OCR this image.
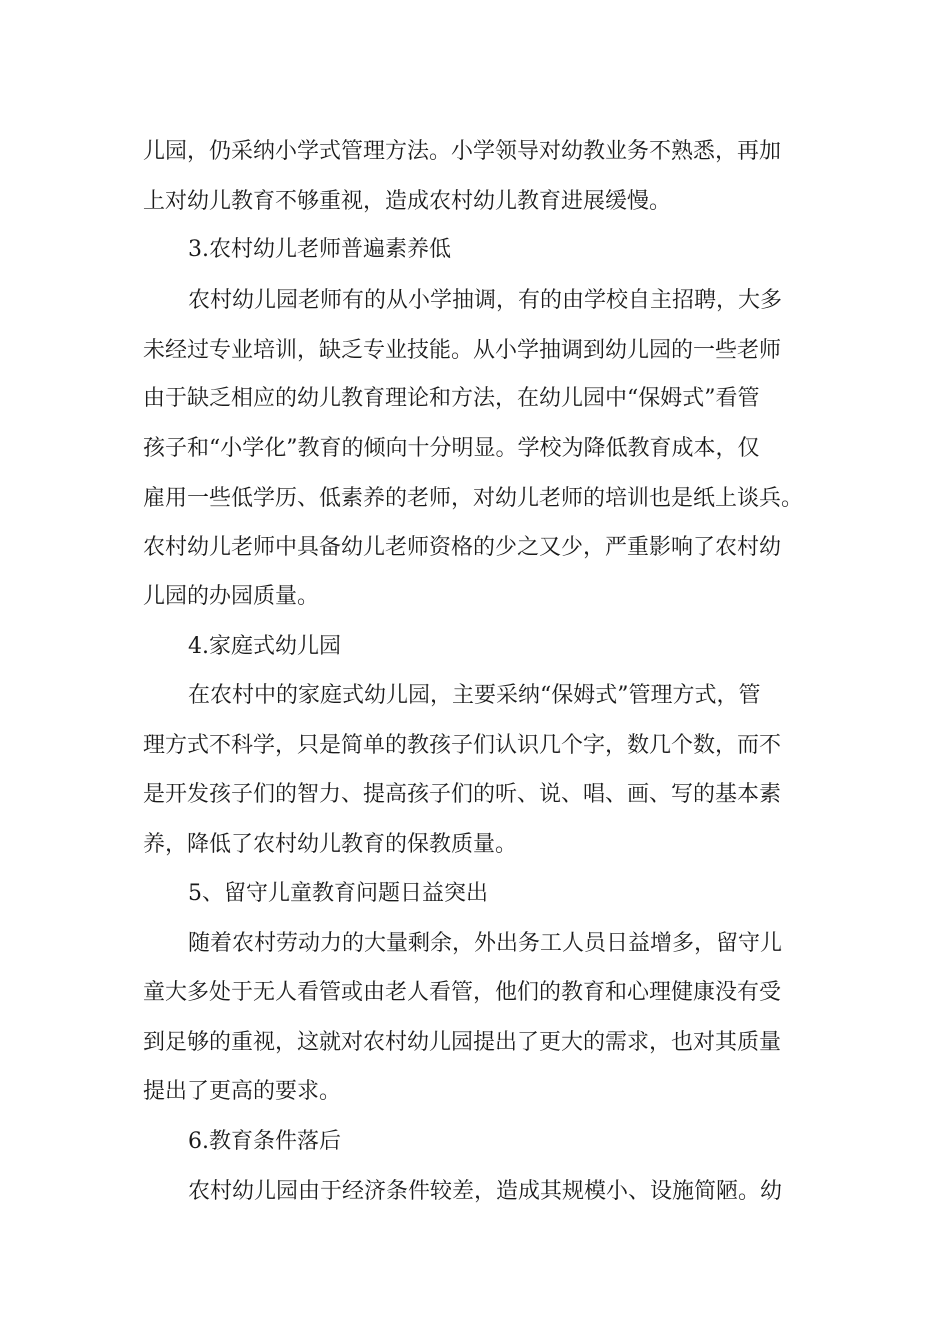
儿园，仍采纳小学式管理方法。小学领导对幼教业务不熟悉，再加
上对幼儿教育不够重视，造成农村幼儿教育进展缓慢。
3.农村幼儿老师普遍素养低
农村幼儿园老师有的从小学抽调，有的由学校自主招聘，大多
未经过专业培训，缺乏专业技能。从小学抽调到幼儿园的一些老师
由于缺乏相应的幼儿教育理论和方法，在幼儿园中“保姆式”看管
孩子和“小学化”教育的倾向十分明显。学校为降低教育成本，仅
雇用一些低学历、低素养的老师，对幼儿老师的培训也是纸上谈兵。
农村幼儿老师中具备幼儿老师资格的少之又少，严重影响了农村幼
儿园的办园质量。
4.家庭式幼儿园
在农村中的家庭式幼儿园，主要采纳“保姆式”管理方式，管
理方式不科学，只是简单的教孩子们认识几个字，数几个数，而不
是开发孩子们的智力、提高孩子们的听、说、唱、画、写的基本素
养，降低了农村幼儿教育的保教质量。
5、留守儿童教育问题日益突出
随着农村劳动力的大量剩余，外出务工人员日益增多，留守儿
童大多处于无人看管或由老人看管，他们的教育和心理健康没有受
到足够的重视，这就对农村幼儿园提出了更大的需求，也对其质量
提出了更高的要求。
6.教育条件落后
农村幼儿园由于经济条件较差，造成其规模小、设施简陋。幼
